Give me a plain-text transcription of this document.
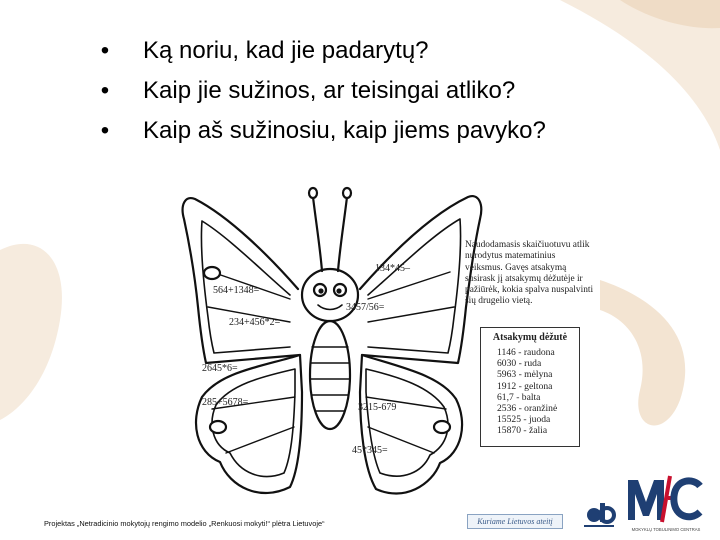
• Ką noriu, kad jie padarytų?
• Kaip jie sužinos, ar teisingai atliko?
• Kaip aš sužinosiu, kaip jiems pavyko?
134*45–
564+1348=
3457/56=
234+456*2=
2645*6=
285+5678=	3215-679
45*345=
Naudodamasis skaičiuotuvu atlik nurodytus matematinius veiksmus. Gavęs atsakymą susirask jį atsakymų dėžutėje ir pažiūrėk, kokia spalva nuspalvinti šių drugelio vietą.
Atsakymų dėžutė
1146 - raudona
6030 - ruda
5963 - mėlyna
1912 - geltona
61,7 - balta
2536 - oranžinė
15525 - juoda
15870 - žalia
Projektas „Netradicinio mokytojų rengimo modelio „Renkuosi mokyti!“ plėtra Lietuvoje“	Kuriame Lietuvos ateitį
MOKYKLŲ TOBULINIMO CENTRAS
